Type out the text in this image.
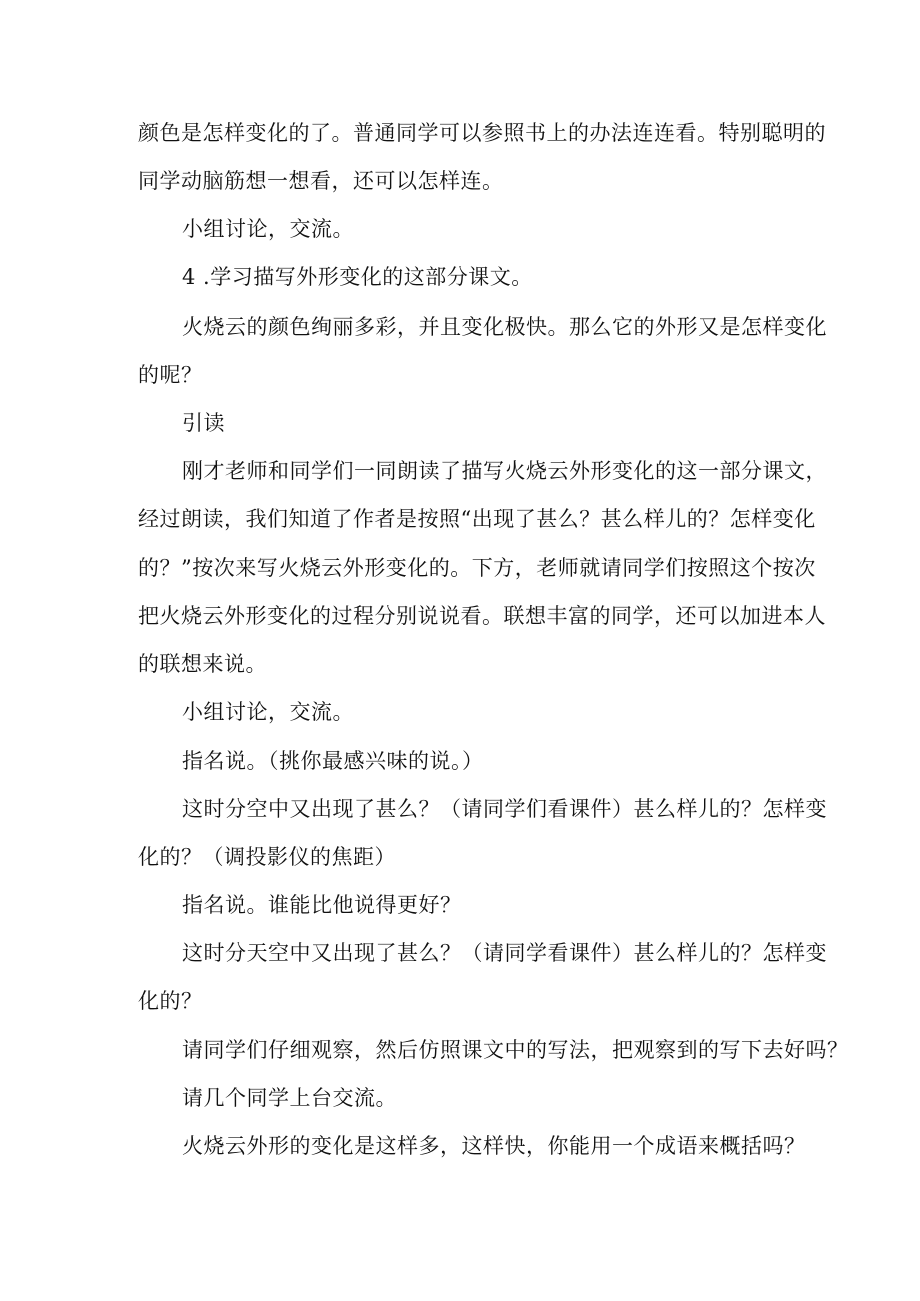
颜色是怎样变化的了。普通同学可以参照书上的办法连连看。特别聪明的
同学动脑筋想一想看，还可以怎样连。
小组讨论，交流。
4 .学习描写外形变化的这部分课文。
火烧云的颜色绚丽多彩，并且变化极快。那么它的外形又是怎样变化
的呢？
引读
刚才老师和同学们一同朗读了描写火烧云外形变化的这一部分课文，
经过朗读，我们知道了作者是按照“出现了甚么？甚么样儿的？怎样变化
的？”按次来写火烧云外形变化的。下方，老师就请同学们按照这个按次
把火烧云外形变化的过程分别说说看。联想丰富的同学，还可以加进本人
的联想来说。
小组讨论，交流。
指名说。（挑你最感兴味的说。）
这时分空中又出现了甚么？（请同学们看课件）甚么样儿的？怎样变
化的？（调投影仪的焦距）
指名说。谁能比他说得更好？
这时分天空中又出现了甚么？（请同学看课件）甚么样儿的？怎样变
化的？
请同学们仔细观察，然后仿照课文中的写法，把观察到的写下去好吗？
请几个同学上台交流。
火烧云外形的变化是这样多，这样快，你能用一个成语来概括吗？
